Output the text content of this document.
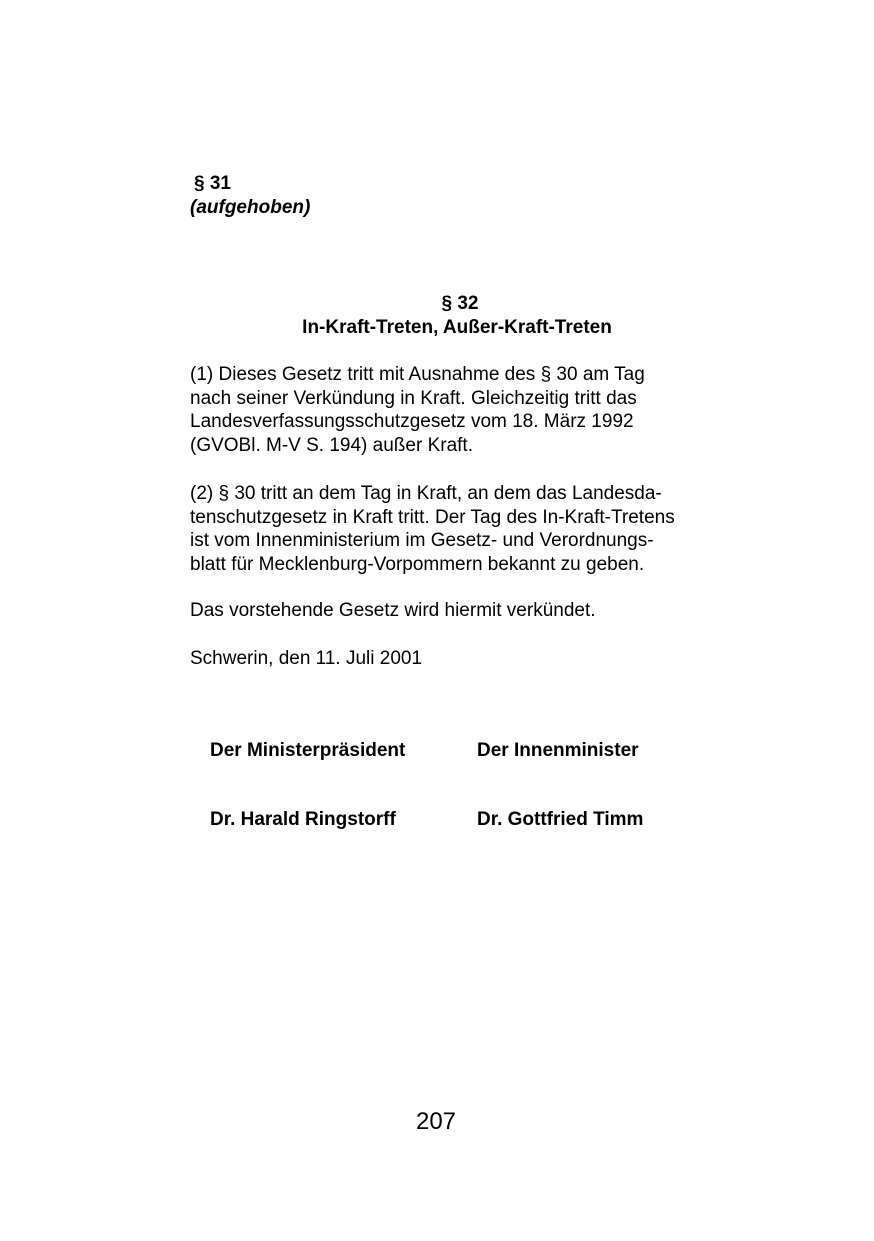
§ 31
(aufgehoben)
§ 32
In-Kraft-Treten, Außer-Kraft-Treten
(1) Dieses Gesetz tritt mit Ausnahme des § 30 am Tag
nach seiner Verkündung in Kraft. Gleichzeitig tritt das
Landesverfassungsschutzgesetz vom 18. März 1992
(GVOBl. M-V S. 194) außer Kraft.
(2) § 30 tritt an dem Tag in Kraft, an dem das Landesda-
tenschutzgesetz in Kraft tritt. Der Tag des In-Kraft-Tretens
ist vom Innenministerium im Gesetz- und Verordnungs-
blatt für Mecklenburg-Vorpommern bekannt zu geben.
Das vorstehende Gesetz wird hiermit verkündet.
Schwerin, den 11. Juli 2001
Der Ministerpräsident	Der Innenminister
Dr. Harald Ringstorff	Dr. Gottfried Timm
207
